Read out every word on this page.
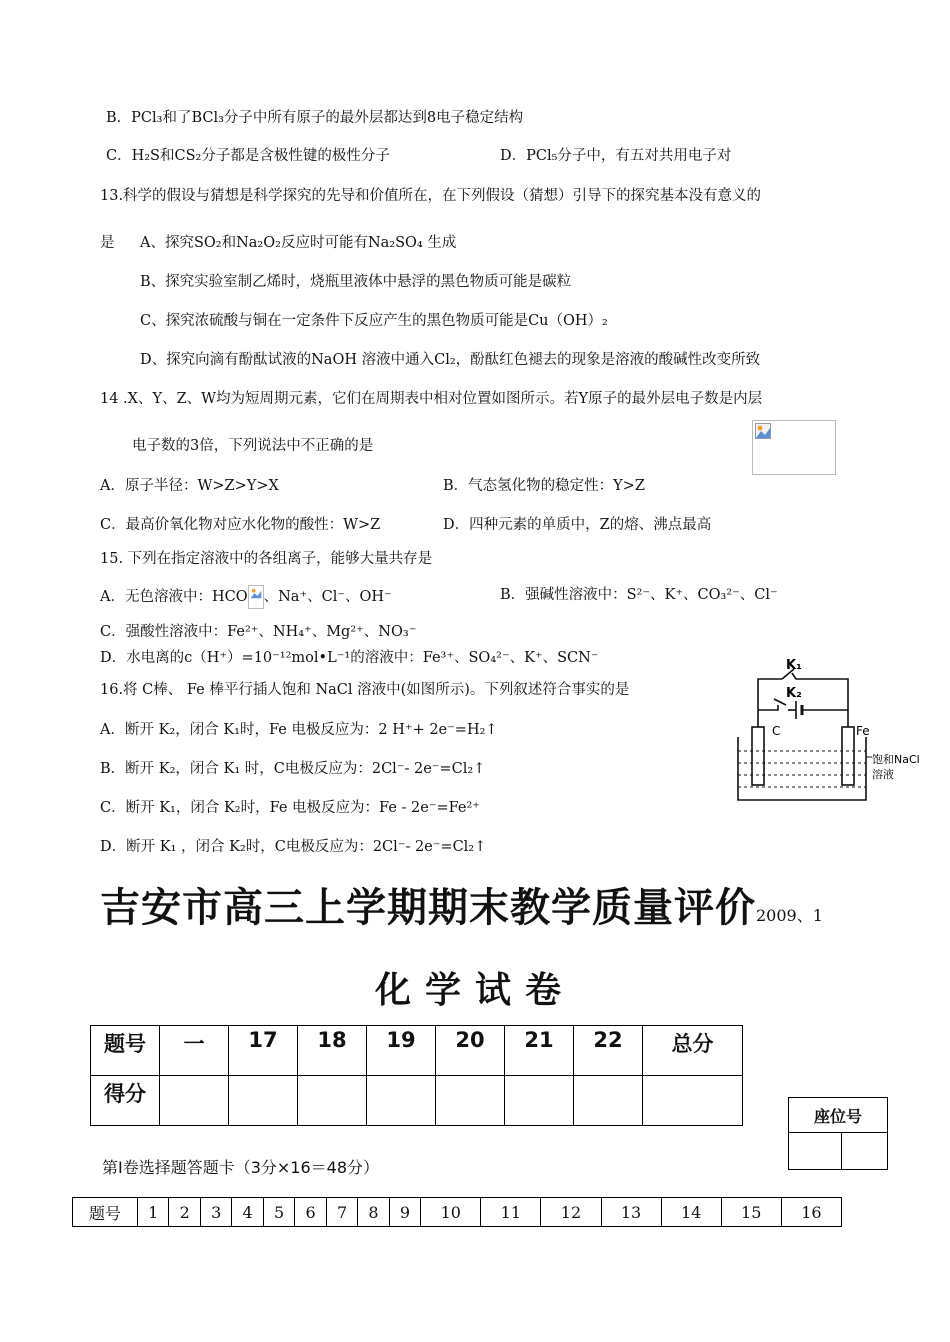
B．PCl₃和了BCl₃分子中所有原子的最外层都达到8电子稳定结构
C．H₂S和CS₂分子都是含极性键的极性分子	D．PCl₅分子中，有五对共用电子对
13.科学的假设与猜想是科学探究的先导和价值所在，在下列假设（猜想）引导下的探究基本没有意义的
是 A、探究SO₂和Na₂O₂反应时可能有Na₂SO₄ 生成
B、探究实验室制乙烯时，烧瓶里液体中悬浮的黑色物质可能是碳粒
C、探究浓硫酸与铜在一定条件下反应产生的黑色物质可能是Cu（OH）₂
D、探究向滴有酚酞试液的NaOH 溶液中通入Cl₂，酚酞红色褪去的现象是溶液的酸碱性改变所致
14 .X、Y、Z、W均为短周期元素，它们在周期表中相对位置如图所示。若Y原子的最外层电子数是内层
电子数的3倍，下列说法中不正确的是
A．原子半径：W>Z>Y>X	B．气态氢化物的稳定性：Y>Z
C．最高价氧化物对应水化物的酸性：W>Z	D．四种元素的单质中，Z的熔、沸点最高
15. 下列在指定溶液中的各组离子，能够大量共存是
A．无色溶液中：HCO 、Na⁺、Cl⁻、OH⁻	B．强碱性溶液中：S²⁻、K⁺、CO₃²⁻、Cl⁻
C．强酸性溶液中：Fe²⁺、NH₄⁺、Mg²⁺、NO₃⁻
D．水电离的c（H⁺）=10⁻¹²mol•L⁻¹的溶液中：Fe³⁺、SO₄²⁻、K⁺、SCN⁻
16.将 C棒、 Fe 棒平行插人饱和 NaCl 溶液中(如图所示)。下列叙述符合事实的是
A．断开 K₂，闭合 K₁时，Fe 电极反应为：2 H⁺+ 2e⁻=H₂↑
B．断开 K₂，闭合 K₁ 时，C电极反应为：2Cl⁻- 2e⁻=Cl₂↑
C．断开 K₁，闭合 K₂时，Fe 电极反应为：Fe - 2e⁻=Fe²⁺
D．断开 K₁ ，闭合 K₂时，C电极反应为：2Cl⁻- 2e⁻=Cl₂↑
K₁
K₂
C	Fe
饱和NaCl
溶液
吉安市高三上学期期末教学质量评价2009、1
化学试卷
题号	一	17	18	19	20	21	22	总分
得分								
座位号

第Ⅰ卷选择题答题卡（3分×16＝48分）
题号	1	2	3	4	5	6	7	8	9	10	11	12	13	14	15	16
